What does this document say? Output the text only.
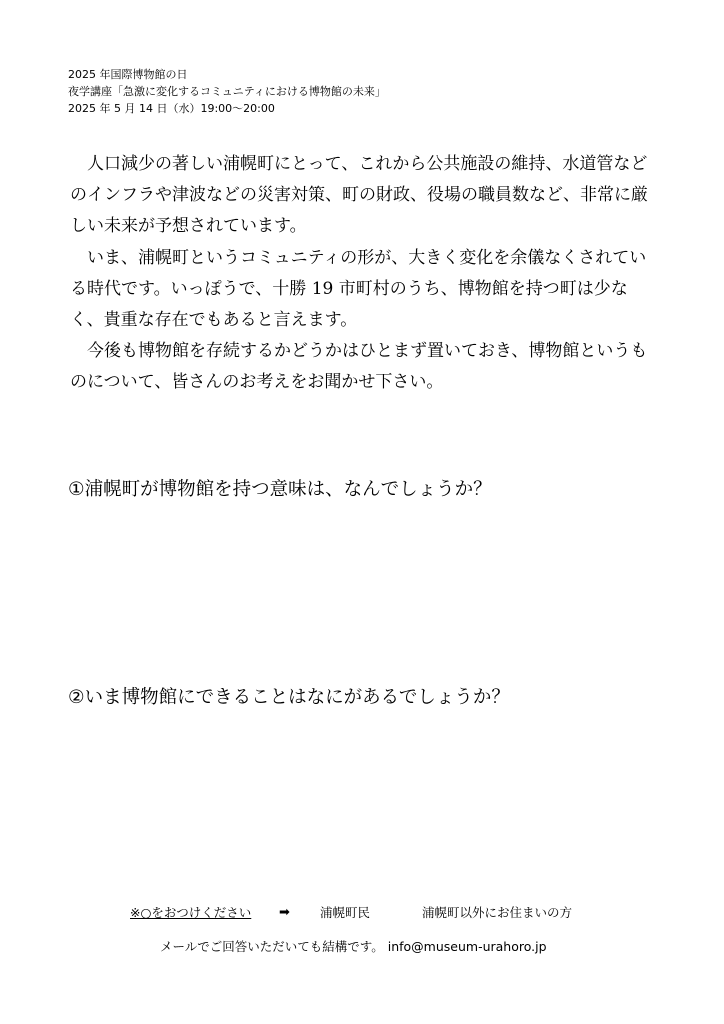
2025 年国際博物館の日
夜学講座「急激に変化するコミュニティにおける博物館の未来」
2025 年 5 月 14 日（水）19:00～20:00

人口減少の著しい浦幌町にとって、これから公共施設の維持、水道管などのインフラや津波などの災害対策、町の財政、役場の職員数など、非常に厳しい未来が予想されています。

いま、浦幌町というコミュニティの形が、大きく変化を余儀なくされている時代です。いっぽうで、十勝 19 市町村のうち、博物館を持つ町は少なく、貴重な存在でもあると言えます。

今後も博物館を存続するかどうかはひとまず置いておき、博物館というものについて、皆さんのお考えをお聞かせ下さい。

①浦幌町が博物館を持つ意味は、なんでしょうか？
②いま博物館にできることはなにがあるでしょうか？
※○をおつけください ➡ 浦幌町民	浦幌町以外にお住まいの方
メールでご回答いただいても結構です。 info@museum-urahoro.jp
